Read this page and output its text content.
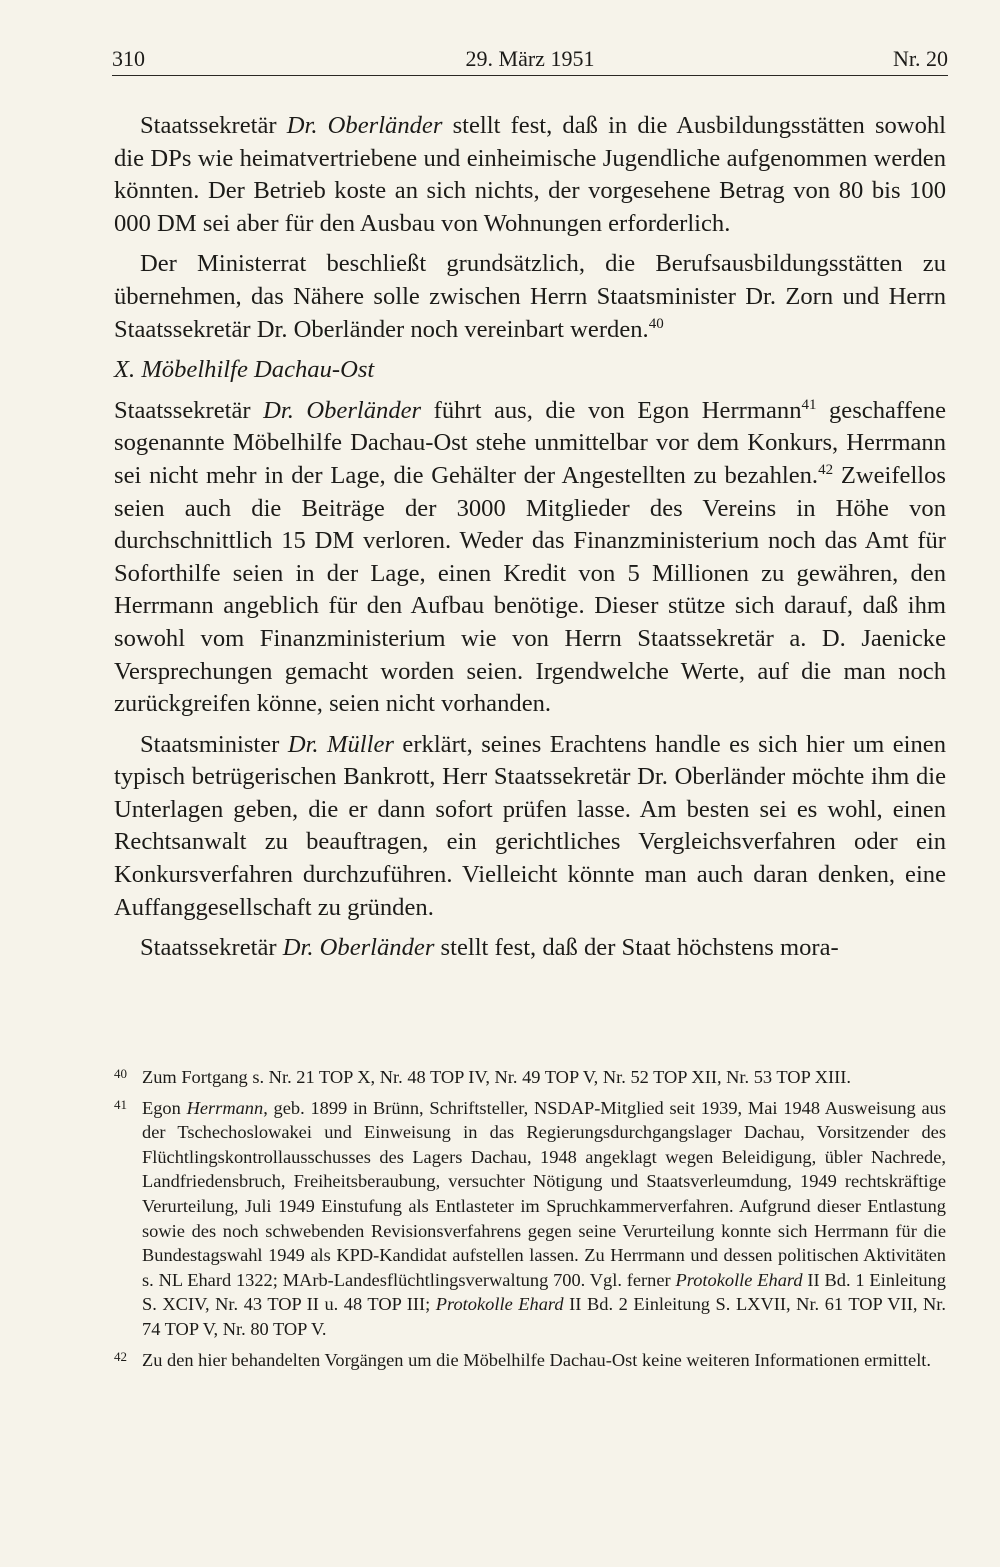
310	29. März 1951	Nr. 20

Staatssekretär Dr. Oberländer stellt fest, daß in die Ausbildungsstätten sowohl die DPs wie heimatvertriebene und einheimische Jugendliche aufgenommen werden könnten. Der Betrieb koste an sich nichts, der vorgesehene Betrag von 80 bis 100 000 DM sei aber für den Ausbau von Wohnungen erforderlich.

Der Ministerrat beschließt grundsätzlich, die Berufsausbildungsstätten zu übernehmen, das Nähere solle zwischen Herrn Staatsminister Dr. Zorn und Herrn Staatssekretär Dr. Oberländer noch vereinbart werden.$^{40}$

X. Möbelhilfe Dachau-Ost

Staatssekretär Dr. Oberländer führt aus, die von Egon Herrmann$^{41}$ geschaffene sogenannte Möbelhilfe Dachau-Ost stehe unmittelbar vor dem Konkurs, Herrmann sei nicht mehr in der Lage, die Gehälter der Angestellten zu bezahlen.$^{42}$ Zweifellos seien auch die Beiträge der 3000 Mitglieder des Vereins in Höhe von durchschnittlich 15 DM verloren. Weder das Finanzministerium noch das Amt für Soforthilfe seien in der Lage, einen Kredit von 5 Millionen zu gewähren, den Herrmann angeblich für den Aufbau benötige. Dieser stütze sich darauf, daß ihm sowohl vom Finanzministerium wie von Herrn Staatssekretär a. D. Jaenicke Versprechungen gemacht worden seien. Irgendwelche Werte, auf die man noch zurückgreifen könne, seien nicht vorhanden.

Staatsminister Dr. Müller erklärt, seines Erachtens handle es sich hier um einen typisch betrügerischen Bankrott, Herr Staatssekretär Dr. Oberländer möchte ihm die Unterlagen geben, die er dann sofort prüfen lasse. Am besten sei es wohl, einen Rechtsanwalt zu beauftragen, ein gerichtliches Vergleichsverfahren oder ein Konkursverfahren durchzuführen. Vielleicht könnte man auch daran denken, eine Auffanggesellschaft zu gründen.

Staatssekretär Dr. Oberländer stellt fest, daß der Staat höchstens mora-

40 Zum Fortgang s. Nr. 21 TOP X, Nr. 48 TOP IV, Nr. 49 TOP V, Nr. 52 TOP XII, Nr. 53 TOP XIII.
41 Egon Herrmann, geb. 1899 in Brünn, Schriftsteller, NSDAP-Mitglied seit 1939, Mai 1948 Ausweisung aus der Tschechoslowakei und Einweisung in das Regierungsdurchgangslager Dachau, Vorsitzender des Flüchtlingskontrollausschusses des Lagers Dachau, 1948 angeklagt wegen Beleidigung, übler Nachrede, Landfriedensbruch, Freiheitsberaubung, versuchter Nötigung und Staatsverleumdung, 1949 rechtskräftige Verurteilung, Juli 1949 Einstufung als Entlasteter im Spruchkammerverfahren. Aufgrund dieser Entlastung sowie des noch schwebenden Revisionsverfahrens gegen seine Verurteilung konnte sich Herrmann für die Bundestagswahl 1949 als KPD-Kandidat aufstellen lassen. Zu Herrmann und dessen politischen Aktivitäten s. NL Ehard 1322; MArb-Landesflüchtlingsverwaltung 700. Vgl. ferner Protokolle Ehard II Bd. 1 Einleitung S. XCIV, Nr. 43 TOP II u. 48 TOP III; Protokolle Ehard II Bd. 2 Einleitung S. LXVII, Nr. 61 TOP VII, Nr. 74 TOP V, Nr. 80 TOP V.
42 Zu den hier behandelten Vorgängen um die Möbelhilfe Dachau-Ost keine weiteren Informationen ermittelt.
